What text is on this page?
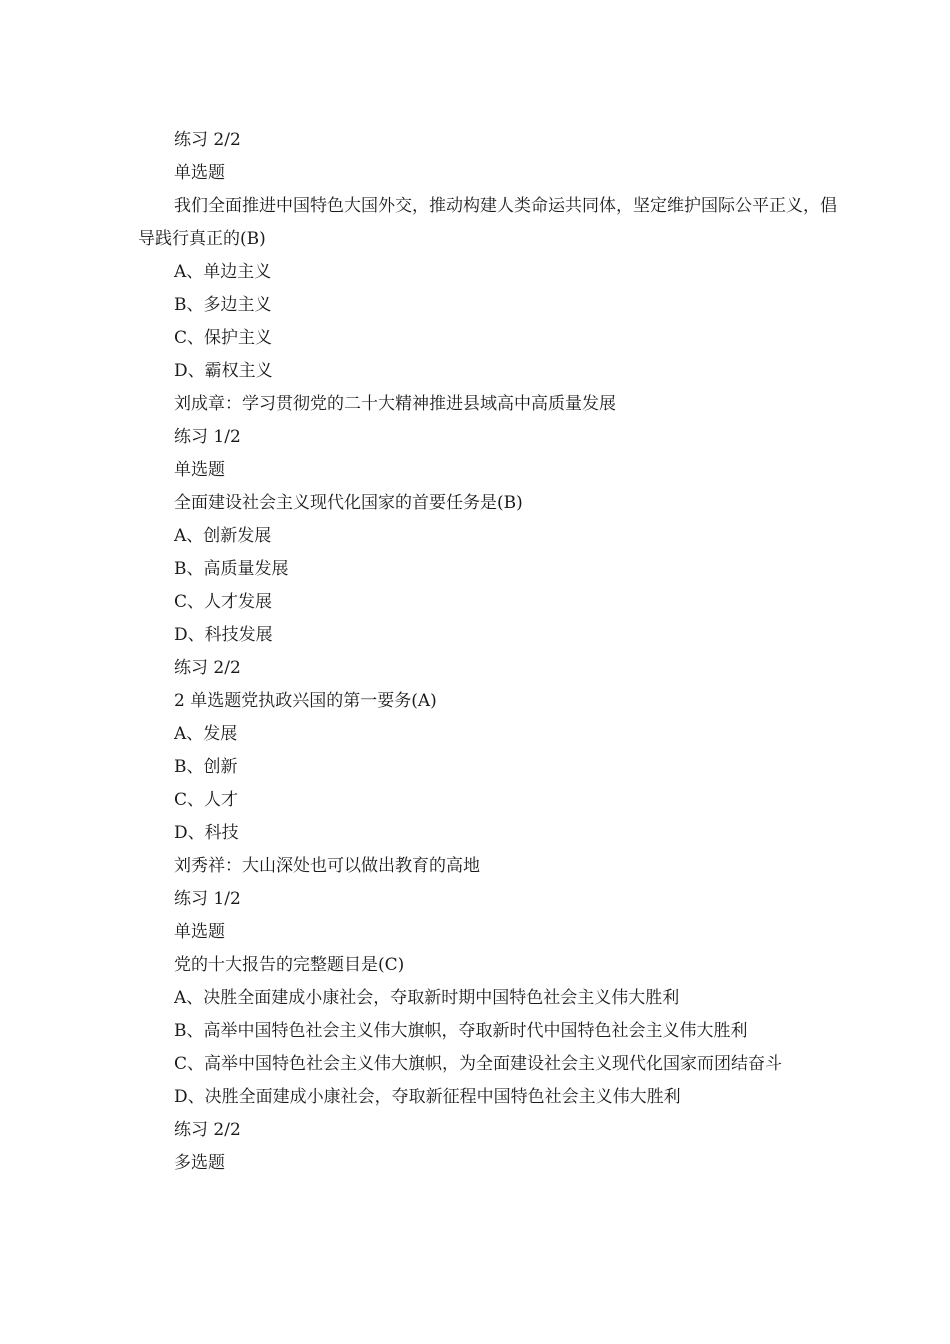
练习 2/2

单选题

我们全面推进中国特色大国外交，推动构建人类命运共同体，坚定维护国际公平正义，倡导践行真正的(B)

A、单边主义

B、多边主义

C、保护主义

D、霸权主义

刘成章：学习贯彻党的二十大精神推进县域高中高质量发展

练习 1/2

单选题

全面建设社会主义现代化国家的首要任务是(B)

A、创新发展

B、高质量发展

C、人才发展

D、科技发展

练习 2/2

2 单选题党执政兴国的第一要务(A)

A、发展

B、创新

C、人才

D、科技

刘秀祥：大山深处也可以做出教育的高地

练习 1/2

单选题

党的十大报告的完整题目是(C)

A、决胜全面建成小康社会，夺取新时期中国特色社会主义伟大胜利

B、高举中国特色社会主义伟大旗帜，夺取新时代中国特色社会主义伟大胜利

C、高举中国特色社会主义伟大旗帜，为全面建设社会主义现代化国家而团结奋斗

D、决胜全面建成小康社会，夺取新征程中国特色社会主义伟大胜利

练习 2/2

多选题
